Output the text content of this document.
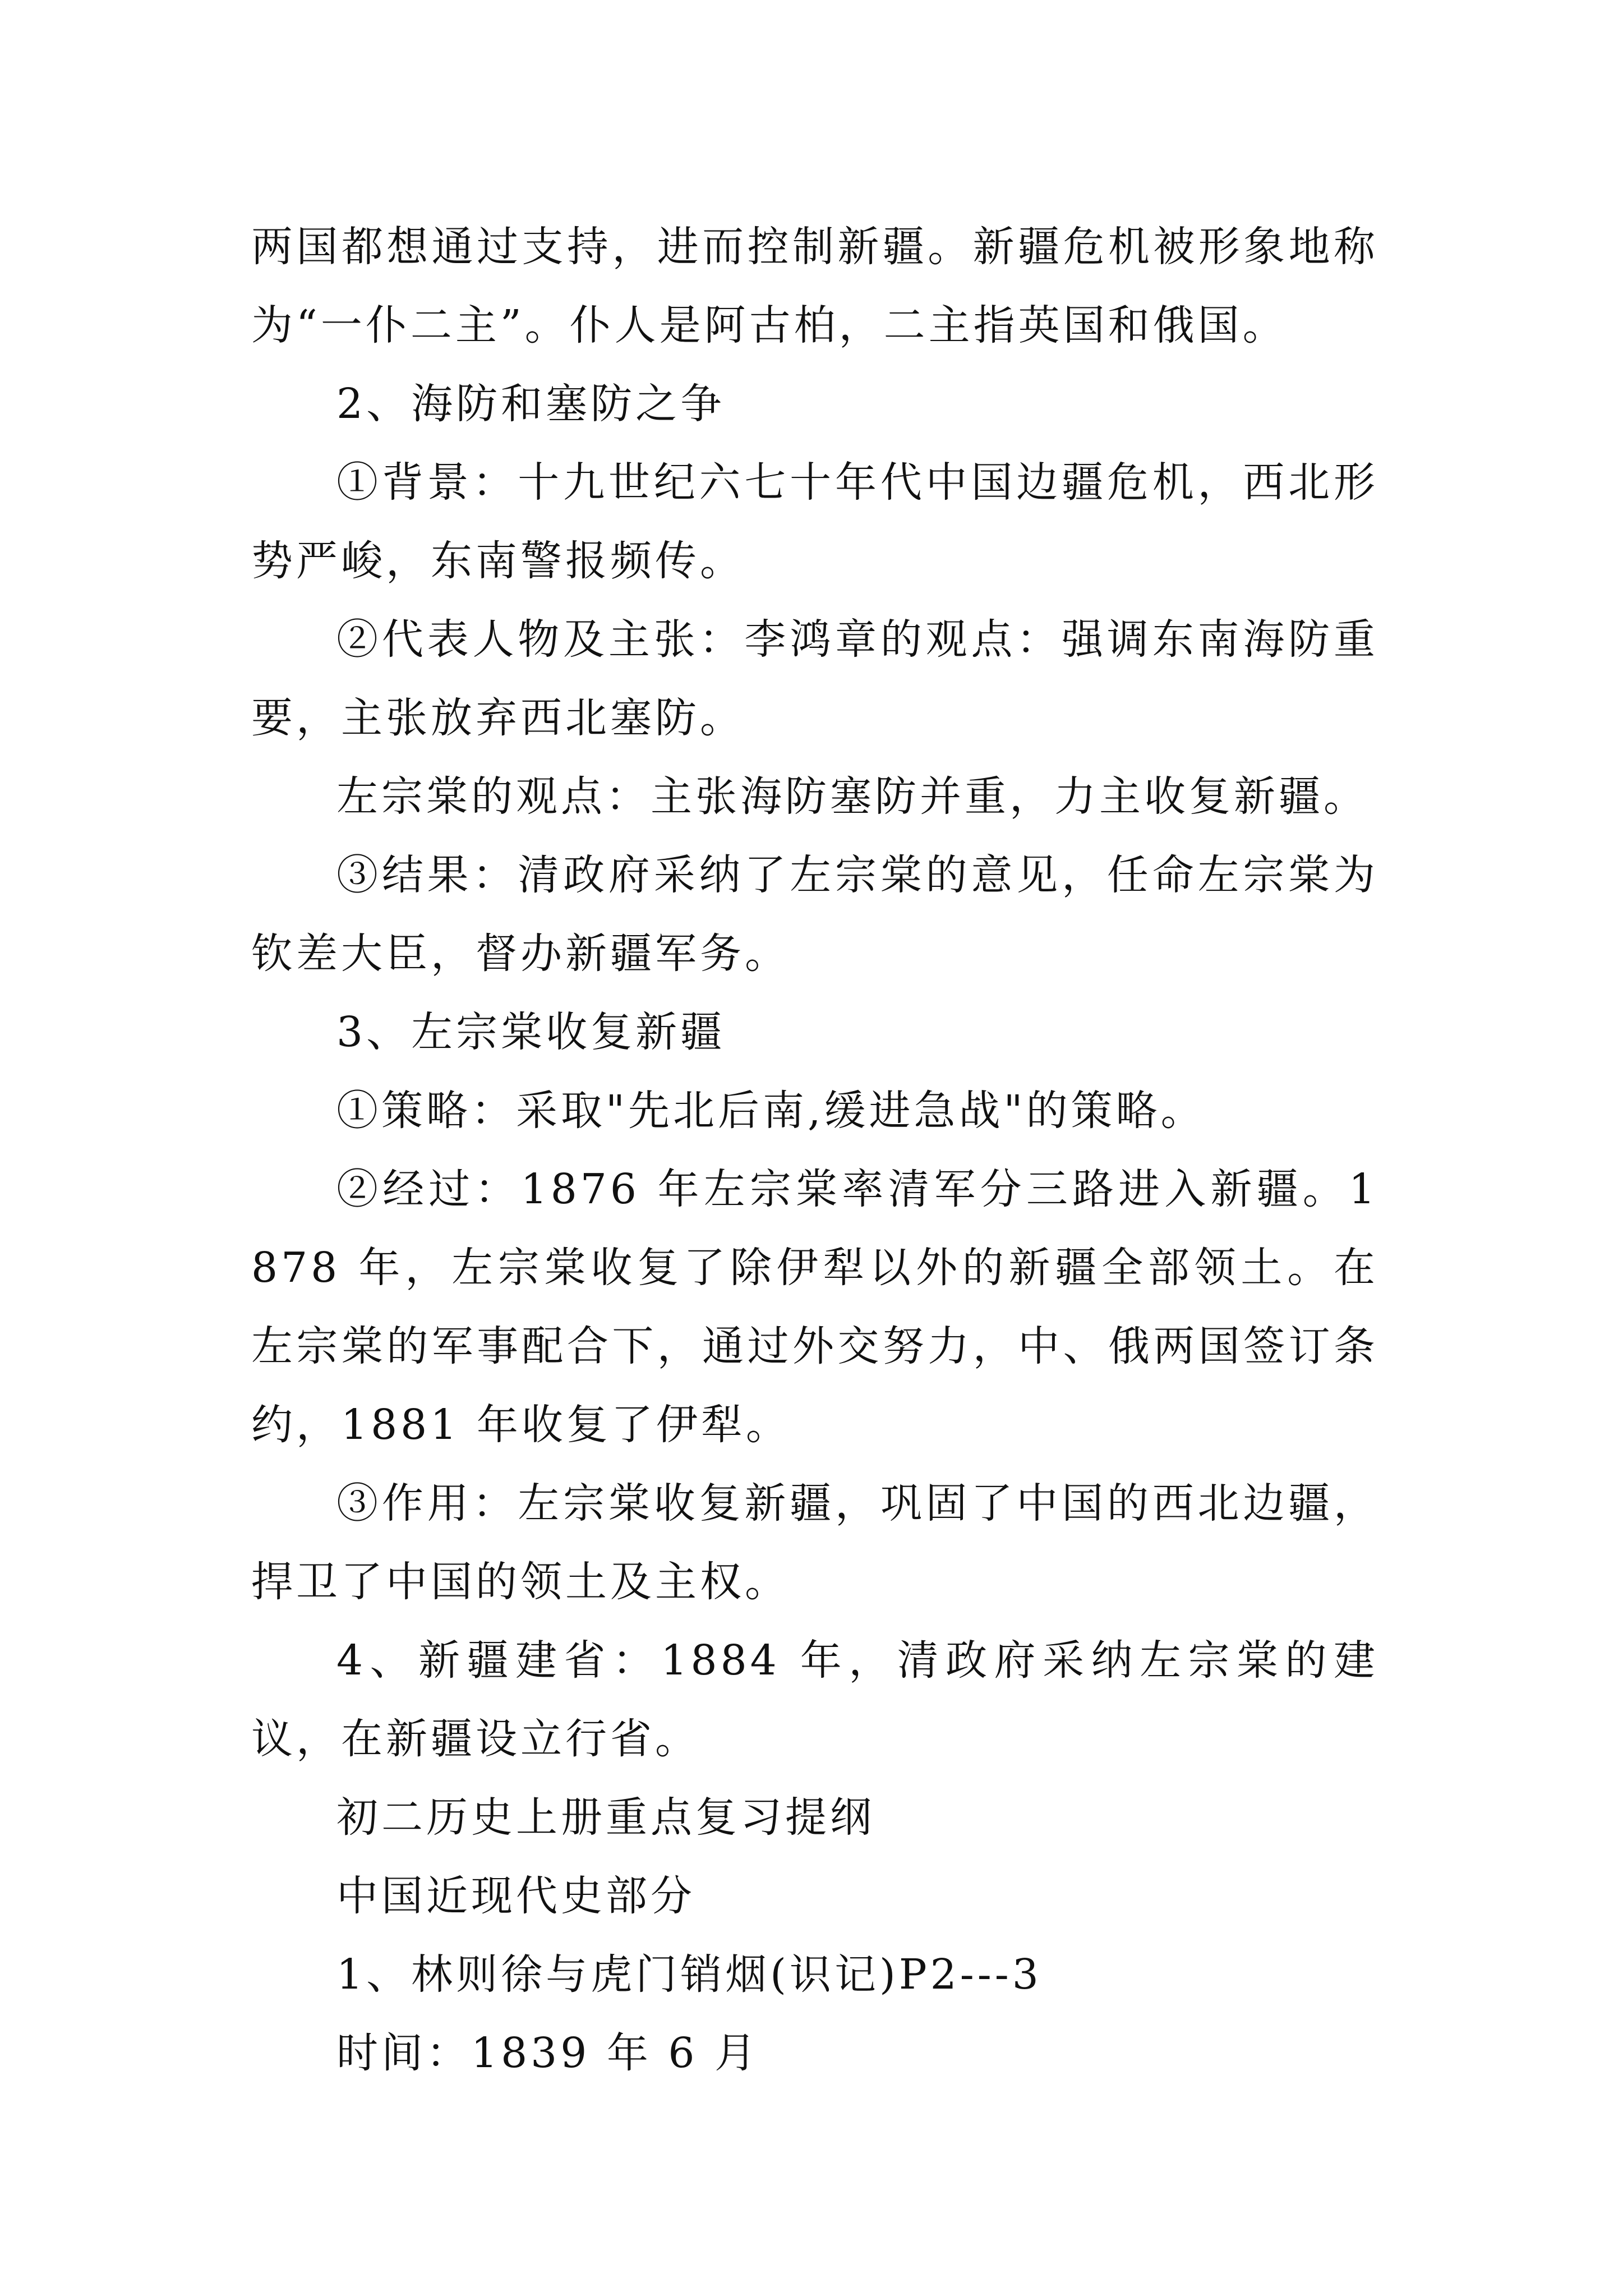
两国都想通过支持，进而控制新疆。新疆危机被形象地称为“一仆二主”。仆人是阿古柏，二主指英国和俄国。

2、海防和塞防之争

①背景：十九世纪六七十年代中国边疆危机，西北形势严峻，东南警报频传。

②代表人物及主张：李鸿章的观点：强调东南海防重要，主张放弃西北塞防。

左宗棠的观点：主张海防塞防并重，力主收复新疆。

③结果：清政府采纳了左宗棠的意见，任命左宗棠为钦差大臣，督办新疆军务。

3、左宗棠收复新疆

①策略：采取"先北后南,缓进急战"的策略。

②经过：1876 年左宗棠率清军分三路进入新疆。1878 年，左宗棠收复了除伊犁以外的新疆全部领土。在左宗棠的军事配合下，通过外交努力，中、俄两国签订条约，1881 年收复了伊犁。

③作用：左宗棠收复新疆，巩固了中国的西北边疆，捍卫了中国的领土及主权。

4、新疆建省：1884 年，清政府采纳左宗棠的建议，在新疆设立行省。

初二历史上册重点复习提纲

中国近现代史部分

1、林则徐与虎门销烟(识记)P2---3

时间：1839 年 6 月
